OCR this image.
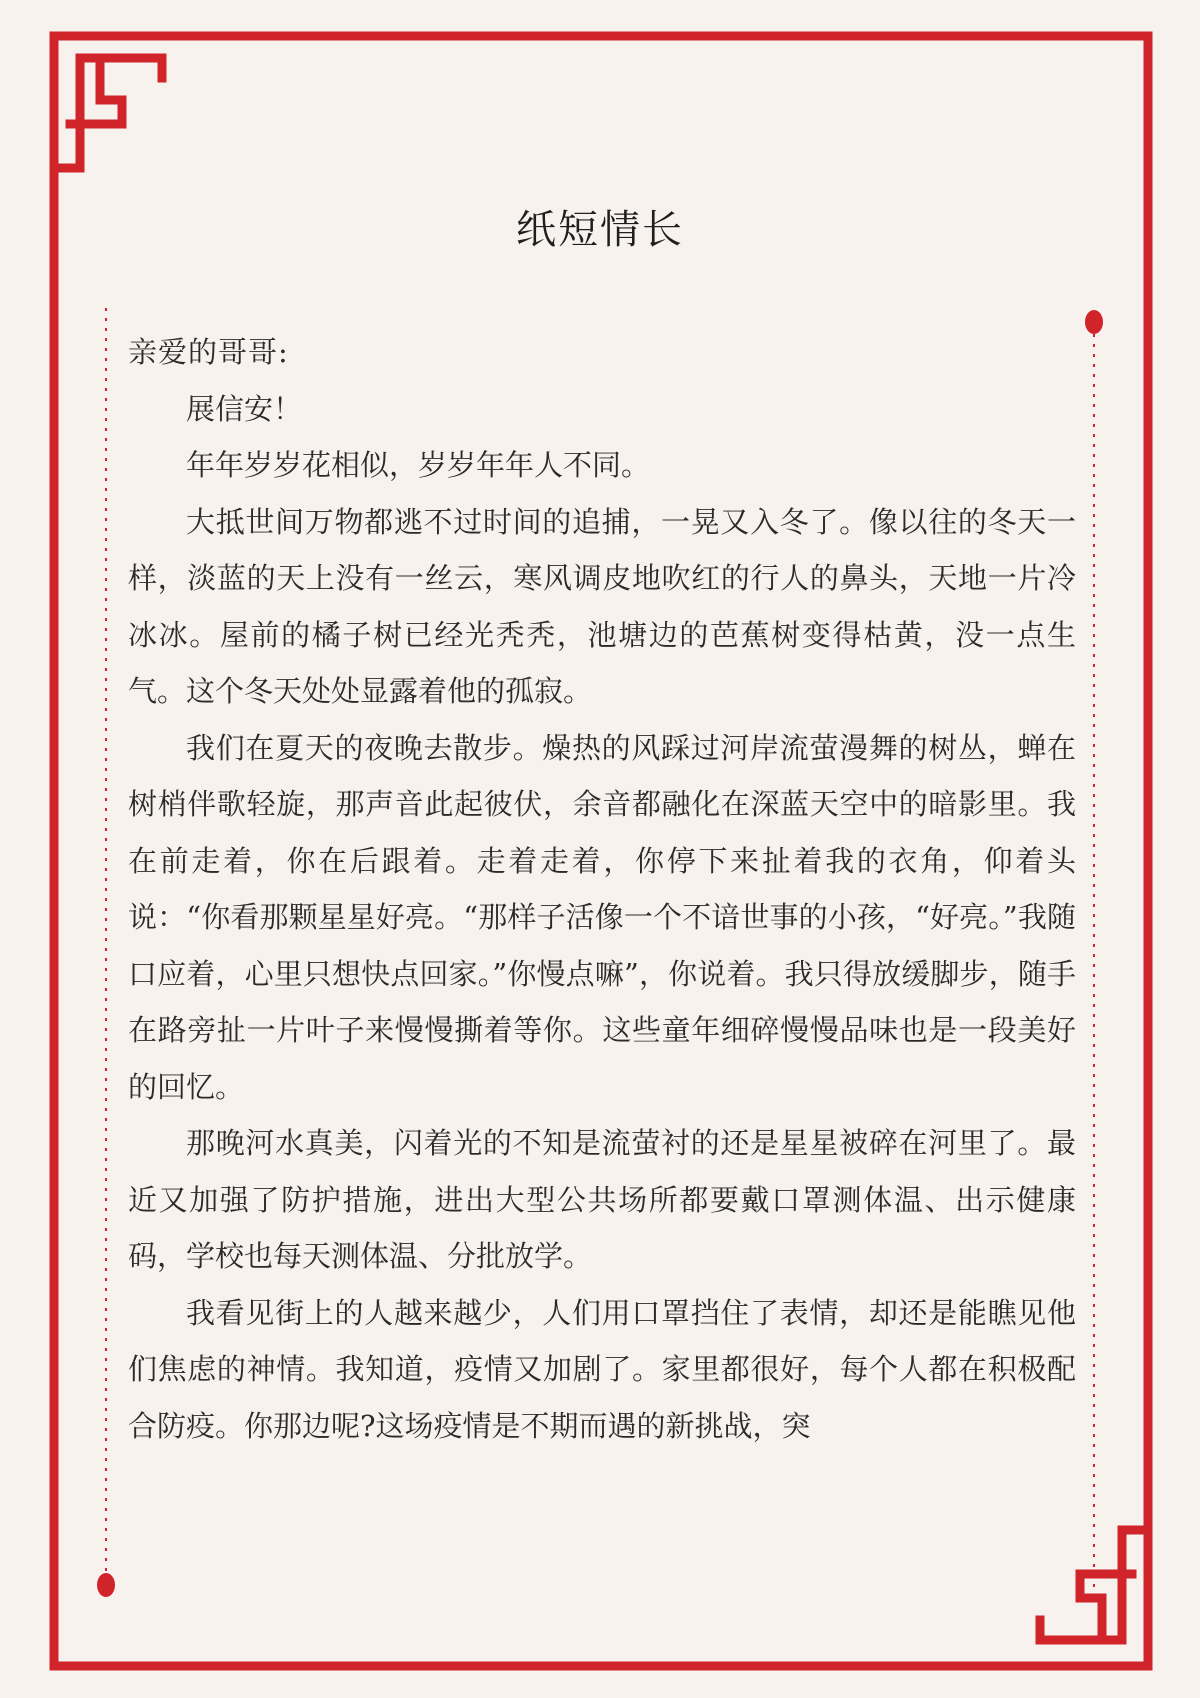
纸短情长

亲爱的哥哥:

展信安！

年年岁岁花相似，岁岁年年人不同。

大抵世间万物都逃不过时间的追捕，一晃又入冬了。像以往的冬天一样，淡蓝的天上没有一丝云，寒风调皮地吹红的行人的鼻头，天地一片冷冰冰。屋前的橘子树已经光秃秃，池塘边的芭蕉树变得枯黄，没一点生气。这个冬天处处显露着他的孤寂。

我们在夏天的夜晚去散步。燥热的风踩过河岸流萤漫舞的树丛，蝉在树梢伴歌轻旋，那声音此起彼伏，余音都融化在深蓝天空中的暗影里。我在前走着，你在后跟着。走着走着，你停下来扯着我的衣角，仰着头说：“你看那颗星星好亮。“那样子活像一个不谙世事的小孩，“好亮。”我随口应着，心里只想快点回家。”你慢点嘛”，你说着。我只得放缓脚步，随手在路旁扯一片叶子来慢慢撕着等你。这些童年细碎慢慢品味也是一段美好的回忆。

那晚河水真美，闪着光的不知是流萤衬的还是星星被碎在河里了。最近又加强了防护措施，进出大型公共场所都要戴口罩测体温、出示健康码，学校也每天测体温、分批放学。

我看见街上的人越来越少，人们用口罩挡住了表情，却还是能瞧见他们焦虑的神情。我知道，疫情又加剧了。家里都很好，每个人都在积极配合防疫。你那边呢?这场疫情是不期而遇的新挑战，突
